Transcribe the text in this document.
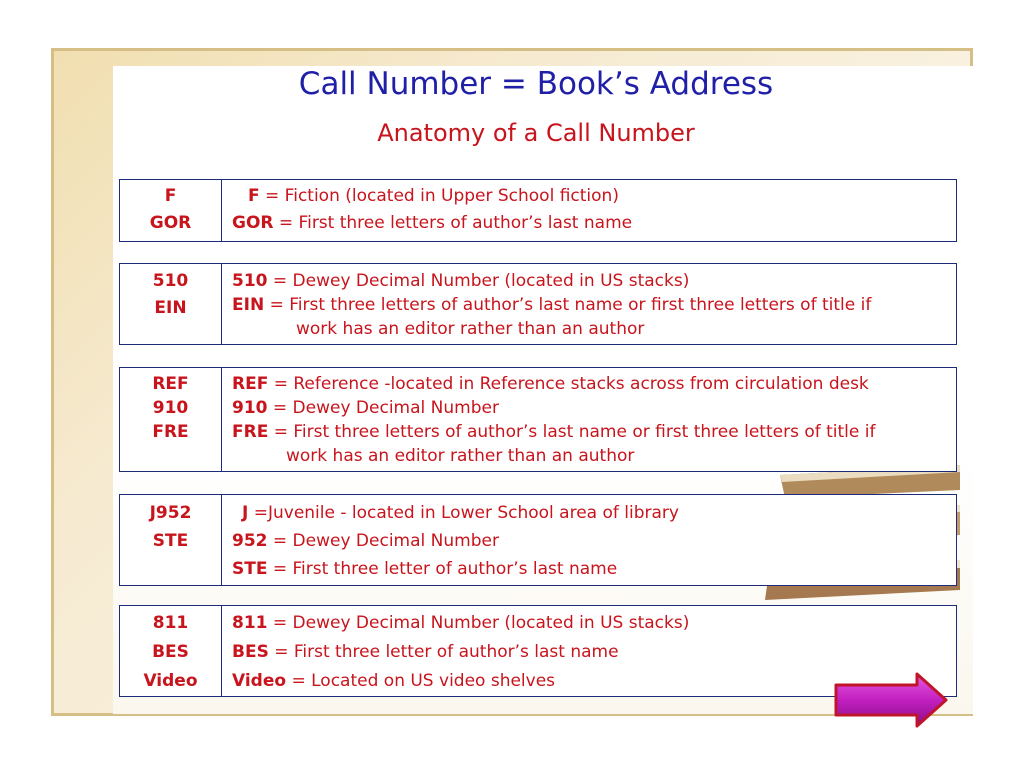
Call Number = Book’s Address
Anatomy of a Call Number
F
GOR
F = Fiction (located in Upper School fiction)
GOR = First three letters of author’s last name
510
EIN
510 = Dewey Decimal Number (located in US stacks)
EIN = First three letters of author’s last name or first three letters of title if
work has an editor rather than an author
REF
910
FRE
REF = Reference -located in Reference stacks across from circulation desk
910 = Dewey Decimal Number
FRE = First three letters of author’s last name or first three letters of title if
work has an editor rather than an author
J952
STE
J =Juvenile - located in Lower School area of library
952 = Dewey Decimal Number
STE = First three letter of author’s last name
811
BES
Video
811 = Dewey Decimal Number (located in US stacks)
BES = First three letter of author’s last name
Video = Located on US video shelves
